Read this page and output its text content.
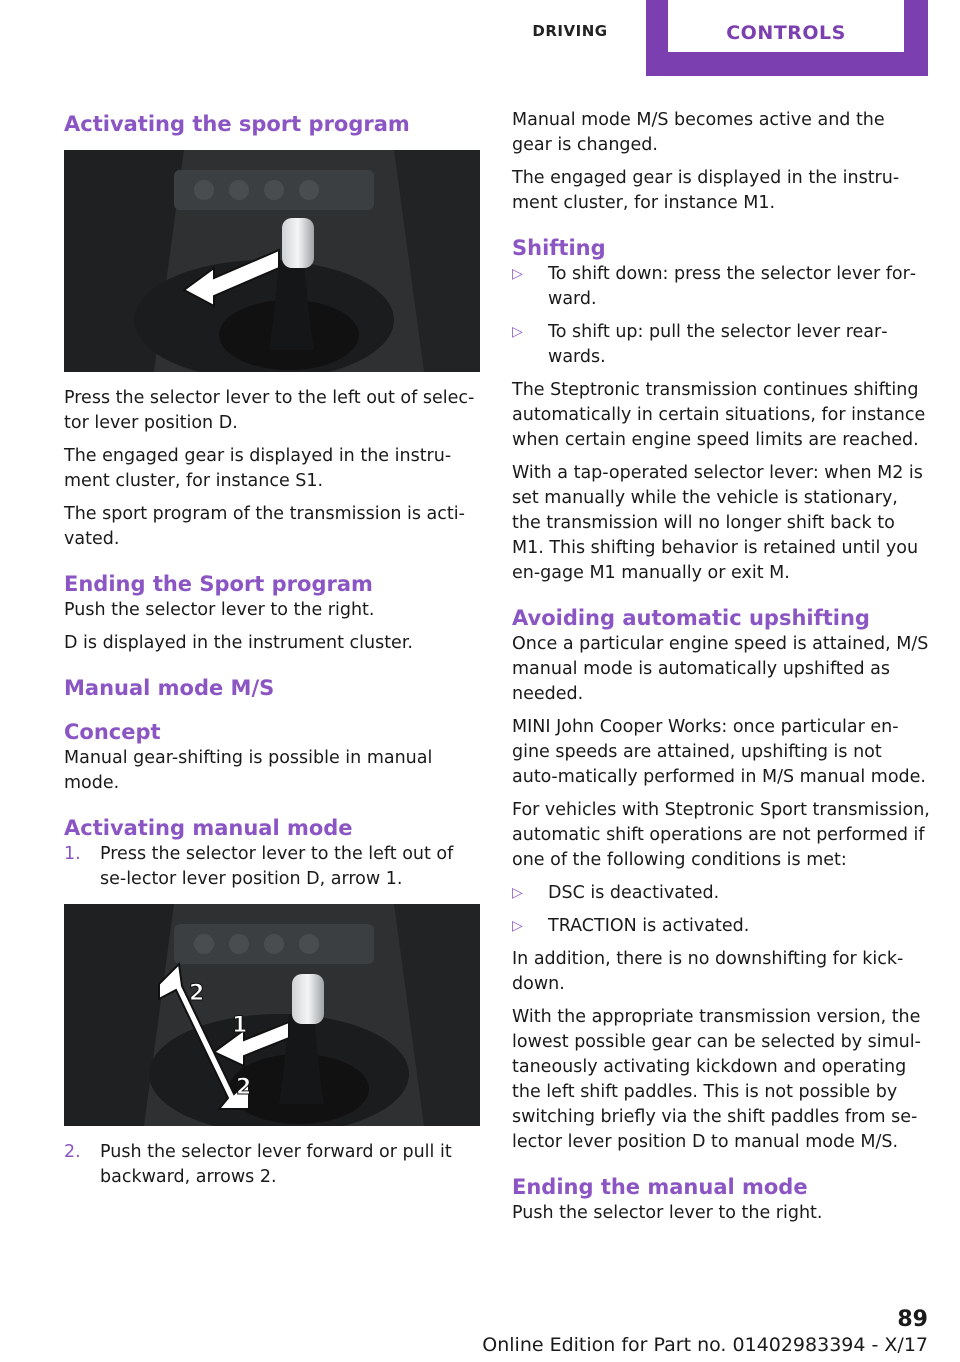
DRIVING	CONTROLS
Activating the sport program

Press the selector lever to the left out of selec‐tor lever position D.

The engaged gear is displayed in the instru‐ment cluster, for instance S1.

The sport program of the transmission is acti‐vated.

Ending the Sport program

Push the selector lever to the right.

D is displayed in the instrument cluster.

Manual mode M/S
Concept

Manual gear-shifting is possible in manual mode.

Activating manual mode
1. Press the selector lever to the left out of se‐lector lever position D, arrow 1.
2
1
2
2. Push the selector lever forward or pull it backward, arrows 2.

Manual mode M/S becomes active and the gear is changed.

The engaged gear is displayed in the instru‐ment cluster, for instance M1.

Shifting
▷ To shift down: press the selector lever for‐ward.
▷ To shift up: pull the selector lever rear‐wards.

The Steptronic transmission continues shifting automatically in certain situations, for instance when certain engine speed limits are reached.

With a tap-operated selector lever: when M2 is set manually while the vehicle is stationary, the transmission will no longer shift back to M1. This shifting behavior is retained until you en‐gage M1 manually or exit M.

Avoiding automatic upshifting

Once a particular engine speed is attained, M/S manual mode is automatically upshifted as needed.

MINI John Cooper Works: once particular en‐gine speeds are attained, upshifting is not auto‐matically performed in M/S manual mode.

For vehicles with Steptronic Sport transmission, automatic shift operations are not performed if one of the following conditions is met:

▷ DSC is deactivated.
▷ TRACTION is activated.

In addition, there is no downshifting for kick‐down.

With the appropriate transmission version, the lowest possible gear can be selected by simul‐taneously activating kickdown and operating the left shift paddles. This is not possible by switching briefly via the shift paddles from se‐lector lever position D to manual mode M/S.

Ending the manual mode

Push the selector lever to the right.

89
Online Edition for Part no. 01402983394 - X/17
